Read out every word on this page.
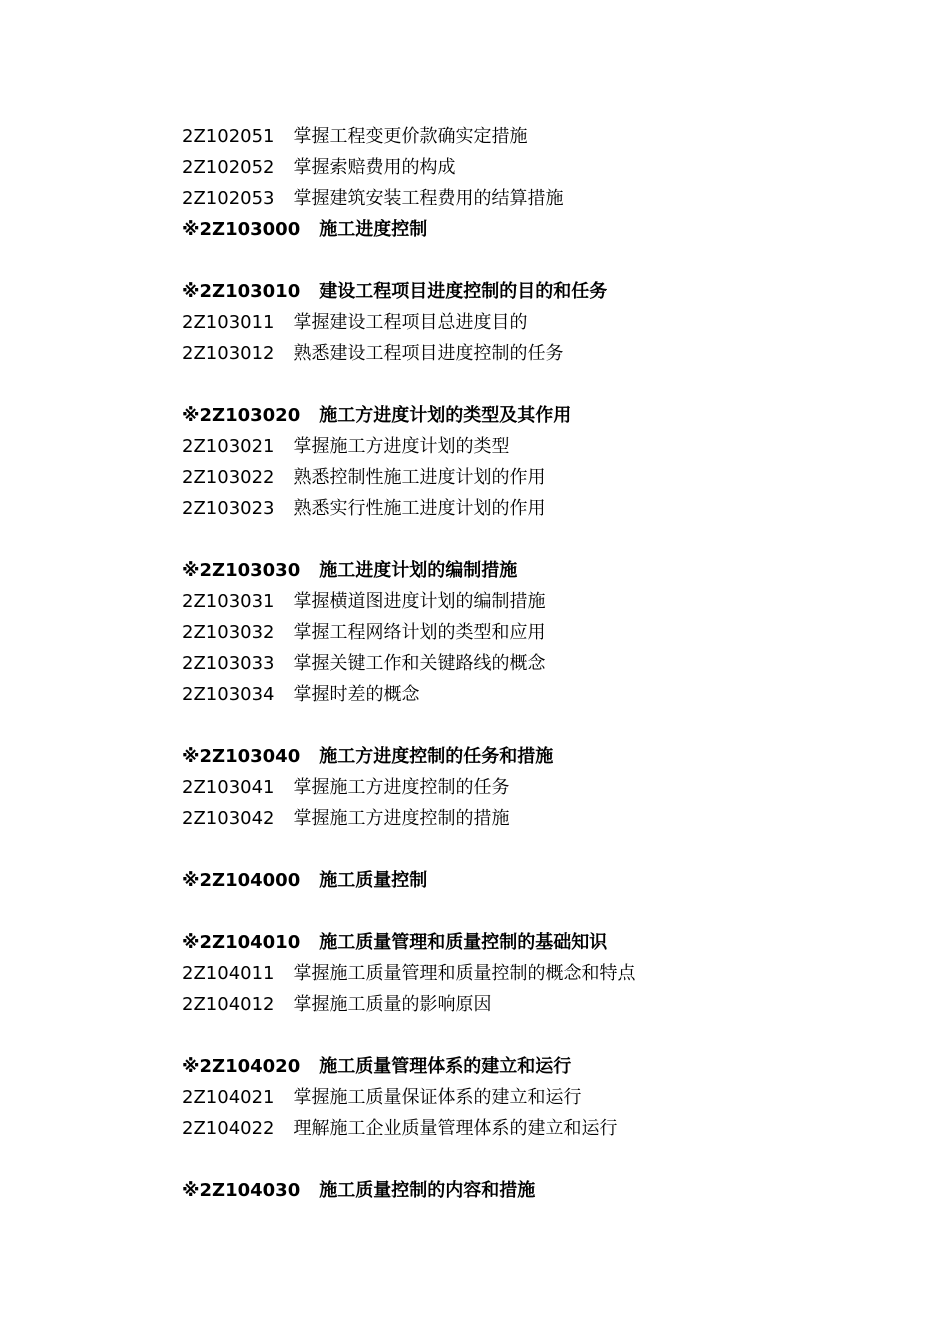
2Z102051 掌握工程变更价款确实定措施
2Z102052 掌握索赔费用的构成
2Z102053 掌握建筑安装工程费用的结算措施
※2Z103000 施工进度控制
※2Z103010 建设工程项目进度控制的目的和任务
2Z103011 掌握建设工程项目总进度目的
2Z103012 熟悉建设工程项目进度控制的任务
※2Z103020 施工方进度计划的类型及其作用
2Z103021 掌握施工方进度计划的类型
2Z103022 熟悉控制性施工进度计划的作用
2Z103023 熟悉实行性施工进度计划的作用
※2Z103030 施工进度计划的编制措施
2Z103031 掌握横道图进度计划的编制措施
2Z103032 掌握工程网络计划的类型和应用
2Z103033 掌握关键工作和关键路线的概念
2Z103034 掌握时差的概念
※2Z103040 施工方进度控制的任务和措施
2Z103041 掌握施工方进度控制的任务
2Z103042 掌握施工方进度控制的措施
※2Z104000 施工质量控制
※2Z104010 施工质量管理和质量控制的基础知识
2Z104011 掌握施工质量管理和质量控制的概念和特点
2Z104012 掌握施工质量的影响原因
※2Z104020 施工质量管理体系的建立和运行
2Z104021 掌握施工质量保证体系的建立和运行
2Z104022 理解施工企业质量管理体系的建立和运行
※2Z104030 施工质量控制的内容和措施
